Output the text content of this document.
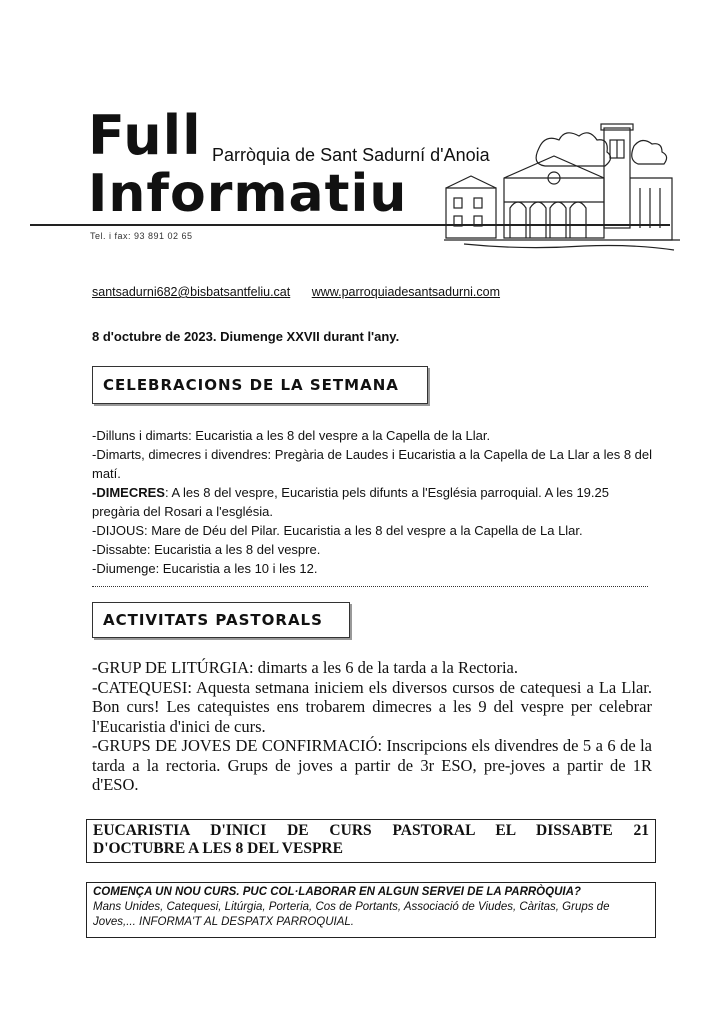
Full Parròquia de Sant Sadurní d'Anoia
Informatiu
Tel. i fax: 93 891 02 65
santsadurni682@bisbatsantfeliu.cat www.parroquiadesantsadurni.com
8 d'octubre de 2023. Diumenge XXVII durant l'any.
CELEBRACIONS DE LA SETMANA

-Dilluns i dimarts: Eucaristia a les 8 del vespre a la Capella de la Llar.

-Dimarts, dimecres i divendres: Pregària de Laudes i Eucaristia a la Capella de La Llar a les 8 del matí.

-DIMECRES: A les 8 del vespre, Eucaristia pels difunts a l'Església parroquial. A les 19.25 pregària del Rosari a l'església.

-DIJOUS: Mare de Déu del Pilar. Eucaristia a les 8 del vespre a la Capella de La Llar.

-Dissabte: Eucaristia a les 8 del vespre.

-Diumenge: Eucaristia a les 10 i les 12.

ACTIVITATS PASTORALS

-GRUP DE LITÚRGIA: dimarts a les 6 de la tarda a la Rectoria.

-CATEQUESI: Aquesta setmana iniciem els diversos cursos de catequesi a La Llar. Bon curs! Les catequistes ens trobarem dimecres a les 9 del vespre per celebrar l'Eucaristia d'inici de curs.

-GRUPS DE JOVES DE CONFIRMACIÓ: Inscripcions els divendres de 5 a 6 de la tarda a la rectoria. Grups de joves a partir de 3r ESO, pre-joves a partir de 1R d'ESO.

EUCARISTIA D'INICI DE CURS PASTORAL EL DISSABTE 21
D'OCTUBRE A LES 8 DEL VESPRE
COMENÇA UN NOU CURS. PUC COL·LABORAR EN ALGUN SERVEI DE LA PARRÒQUIA?
Mans Unides, Catequesi, Litúrgia, Porteria, Cos de Portants, Associació de Viudes, Càritas, Grups de Joves,... INFORMA'T AL DESPATX PARROQUIAL.
